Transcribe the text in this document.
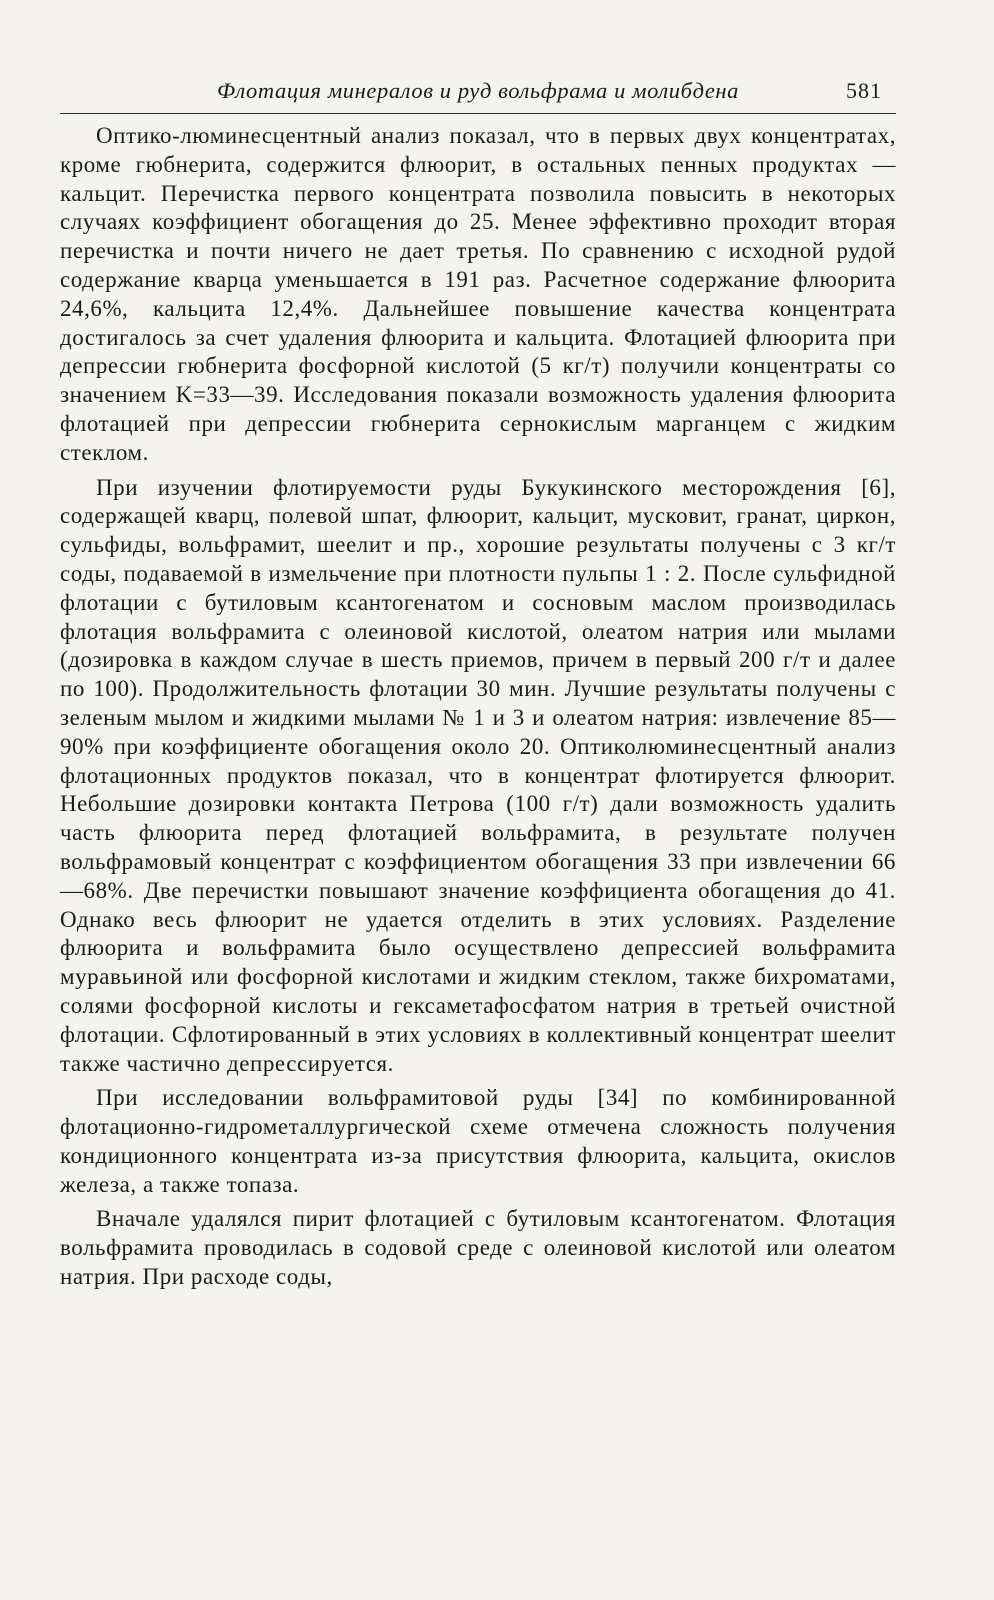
Флотация минералов и руд вольфрама и молибдена	581

Оптико-люминесцентный анализ показал, что в первых двух концентратах, кроме гюбнерита, содержится флюорит, в остальных пенных продуктах — кальцит. Перечистка первого концентрата позволила повысить в некоторых случаях коэффициент обогащения до 25. Менее эффективно проходит вторая перечистка и почти ничего не дает третья. По сравнению с исходной рудой содержание кварца уменьшается в 191 раз. Расчетное содержание флюорита 24,6%, кальцита 12,4%. Дальнейшее повышение качества концентрата достигалось за счет удаления флюорита и кальцита. Флотацией флюорита при депрессии гюбнерита фосфорной кислотой (5 кг/т) получили концентраты со значением K=33—39. Исследования показали возможность удаления флюорита флотацией при депрессии гюбнерита сернокислым марганцем с жидким стеклом.

При изучении флотируемости руды Букукинского месторождения [6], содержащей кварц, полевой шпат, флюорит, кальцит, мусковит, гранат, циркон, сульфиды, вольфрамит, шеелит и пр., хорошие результаты получены с 3 кг/т соды, подаваемой в измельчение при плотности пульпы 1 : 2. После сульфидной флотации с бутиловым ксантогенатом и сосновым маслом производилась флотация вольфрамита с олеиновой кислотой, олеатом натрия или мылами (дозировка в каждом случае в шесть приемов, причем в первый 200 г/т и далее по 100). Продолжительность флотации 30 мин. Лучшие результаты получены с зеленым мылом и жидкими мылами № 1 и 3 и олеатом натрия: извлечение 85—90% при коэффициенте обогащения около 20. Оптиколюминесцентный анализ флотационных продуктов показал, что в концентрат флотируется флюорит. Небольшие дозировки контакта Петрова (100 г/т) дали возможность удалить часть флюорита перед флотацией вольфрамита, в результате получен вольфрамовый концентрат с коэффициентом обогащения 33 при извлечении 66—68%. Две перечистки повышают значение коэффициента обогащения до 41. Однако весь флюорит не удается отделить в этих условиях. Разделение флюорита и вольфрамита было осуществлено депрессией вольфрамита муравьиной или фосфорной кислотами и жидким стеклом, также бихроматами, солями фосфорной кислоты и гексаметафосфатом натрия в третьей очистной флотации. Сфлотированный в этих условиях в коллективный концентрат шеелит также частично депрессируется.

При исследовании вольфрамитовой руды [34] по комбинированной флотационно-гидрометаллургической схеме отмечена сложность получения кондиционного концентрата из-за присутствия флюорита, кальцита, окислов железа, а также топаза.

Вначале удалялся пирит флотацией с бутиловым ксантогенатом. Флотация вольфрамита проводилась в содовой среде с олеиновой кислотой или олеатом натрия. При расходе соды,
